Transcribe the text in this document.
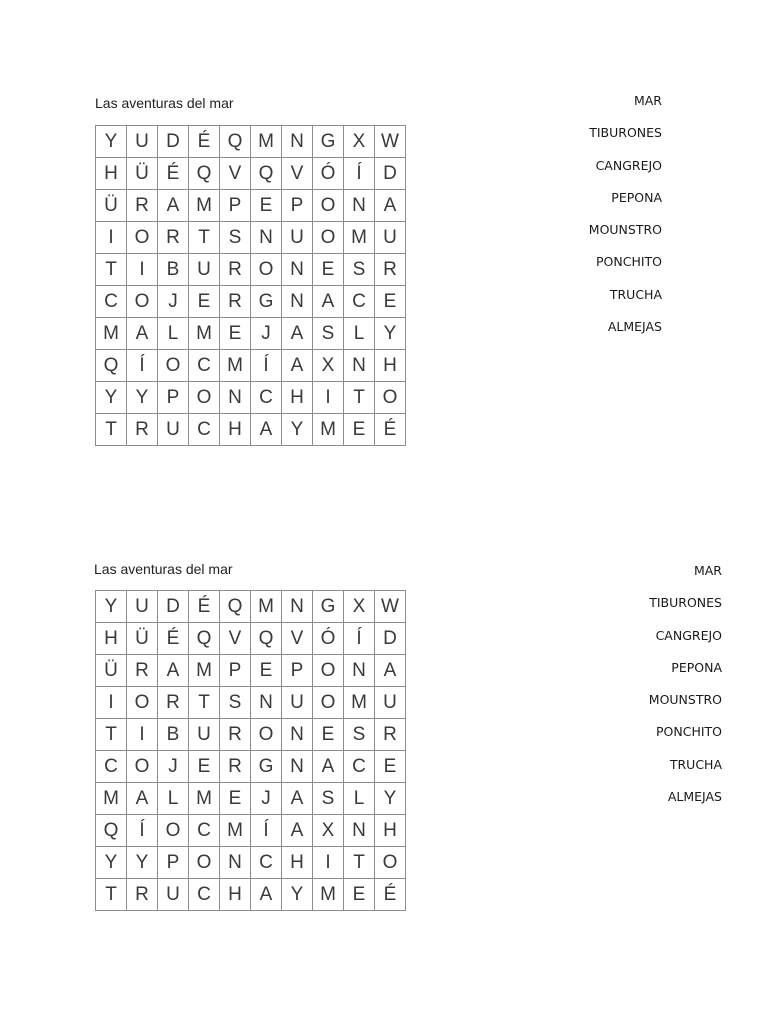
Las aventuras del mar
Y U D É Q M N G X W
H Ü É Q V Q V Ó	Í	D
Ü R A M P E P O N A
I	O R T S N U O M U
T	I	B U R O N E S R
C O J	E R G N A C E
M A	L M E	J	A S	L	Y
Q	Í	O C M	Í	A X N H
Y Y P O N C H	I	T O
T R U C H A Y M E É
MAR
TIBURONES
CANGREJO
PEPONA
MOUNSTRO
PONCHITO
TRUCHA
ALMEJAS
Las aventuras del mar
Y U D É Q M N G X W
H Ü É Q V Q V Ó	Í	D
Ü R A M P E P O N A
I	O R T S N U O M U
T	I	B U R O N E S R
C O J	E R G N A C E
M A	L M E	J	A S	L	Y
Q	Í	O C M	Í	A X N H
Y Y P O N C H	I	T O
T R U C H A Y M E É
MAR
TIBURONES
CANGREJO
PEPONA
MOUNSTRO
PONCHITO
TRUCHA
ALMEJAS
